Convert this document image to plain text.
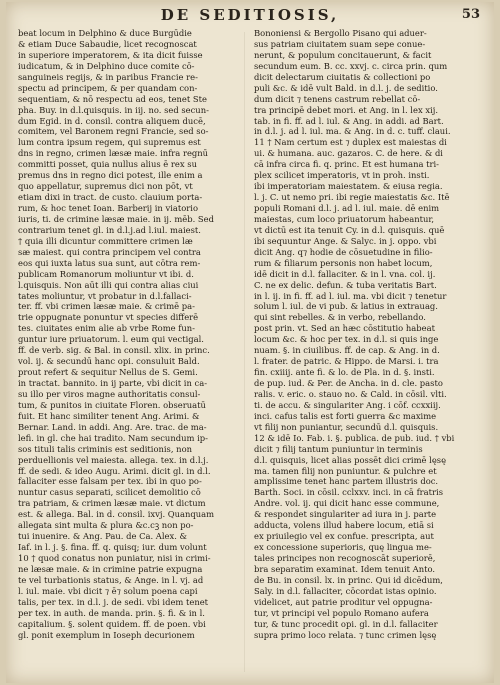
DE SEDITIOSIS,	53
beat locum in Delphino & duce Burgūdie
& etiam Duce Sabaudie, licet recognoscat
in superiore imperatorem, & ita dicit fuisse
iudicatum, & in Delphino duce comite cō-
sanguineis regijs, & in paribus Francie re-
spectu ad principem, & per quandam con-
sequentiam, & nō respectu ad eos, tenet Ste
pha. Buy. in d.l.quisquis. in iij. no. sed secun-
dum Egid. in d. consil. contra aliquem ducē,
comitem, vel Baronem regni Francie, sed so-
lum contra ipsum regem, qui supremus est
dns in regno, crimen læsæ maie. infra regnū
committi posset, quia nullus alius ē rex su
premus dns in regno dici potest, ille enim a
quo appellatur, supremus dici non pōt, vt
etiam dixi in tract. de custo. clauium porta-
rum, & hoc tenet Ioan. Barberij in viatorio
iuris, ti. de crimine læsæ maie. in ij. mēb. Sed
contrarium tenet gl. in d.l.j.ad l.iul. maiest.
† quia illi dicuntur committere crimen læ
sæ maiest. qui contra principem vel contra
eos qui iuxta latus sua sunt, aut cōtra rem-
publicam Romanorum moliuntur vt ibi. d.
l.quisquis. Non aūt illi qui contra alias ciui
tates moliuntur, vt probatur in d.l.fallaci-
ter. ff. vbi crimen læsæ maie. & crimē pa-
trie oppugnate ponuntur vt species differē
tes. ciuitates enim alie ab vrbe Rome fun-
guntur iure priuatorum. l. eum qui vectigal.
ff. de verb. sig. & Bal. in consil. xlix. in princ.
vol. ij. & secundū hanc opi. consuluit Bald.
prout refert & sequitur Nellus de S. Gemi.
in tractat. bannito. in ij parte, vbi dicit in ca-
su illo per viros magne authoritatis consul-
tum, & punitos in ciuitate Floren. obseruatū
fuit. Et hanc similiter tenent Ang. Arimi. &
Bernar. Land. in addi. Ang. Are. trac. de ma-
lefi. in gl. che hai tradito. Nam secundum ip-
sos tituli talis criminis est seditionis, non
perduellionis vel maiesta. allega. tex. in d.l.j.
ff. de sedi. & ideo Augu. Arimi. dicit gl. in d.l.
fallaciter esse falsam per tex. ibi in quo po-
nuntur casus separati, scilicet demolitio cō
tra patriam, & crimen læsæ maie. vt dictum
est. & allega. Bal. in d. consil. ixvj. Quanquam
allegata sint multa & plura &c.cꝫ non po-
tui inuenire. & Ang. Pau. de Ca. Alex. &
Iaf. in l. j. §. fina. ff. q. quisq; iur. dum volunt
10 † quod conatus non puniatur, nisi in crimi-
ne læsæ maie. & in crimine patrie expugna
te vel turbationis status, & Ange. in l. vj. ad
l. iul. maie. vbi dicit ⁊ ē⁊ solum poena capi
talis, per tex. in d.l. j. de sedi. vbi idem tenet
per tex. in auth. de manda. prin. §. fi. & in l.
capitalium. §. solent quidem. ff. de poen. vbi
gl. ponit exemplum in Ioseph decurionem
Bononiensi & Bergollo Pisano qui aduer-
sus patriam ciuitatem suam sepe conue-
nerunt, & populum concitauerunt, & facit
secundum eum. B. cc. xxvj. c. circa prin. qum
dicit delectarum ciuitatis & collectioni po
puli &c. & idē vult Bald. in d.l. j. de seditio.
dum dicit ⁊ tenens castrum rebellat cō-
tra principē debet mori. et Ang. in l. lex xij.
tab. in fi. ff. ad l. iul. & Ang. in addi. ad Bart.
in d.l. j. ad l. iul. ma. & Ang. in d. c. tuff. claui.
11 † Nam certum est ⁊ duplex est maiestas di
ui. & humana. auc. gazaros. C. de here. & di
cā infra circa fi. q. princ. Et est humana tri-
plex scilicet imperatoris, vt in proh. insti.
ibi imperatoriam maiestatem. & eiusa regia.
l. j. C. ut nemo pri. ibi regie maiestatis &c. Itē
populi Romani d.l. j. ad l. iul. maie. dē enim
maiestas, cum loco priuatorum habeantur,
vt dictū est ita tenuit Cy. in d.l. quisquis. quē
ibi sequuntur Ange. & Salyc. in j. oppo. vbi
dicit Ang. q⁊ hodie de cōsuetudine in filio-
rum & filiarum personis non habet locum,
idē dicit in d.l. fallaciter. & in l. vna. col. ij.
C. ne ex delic. defun. & tuba veritatis Bart.
in l. ij. in fi. ff. ad l. iul. ma. vbi dicit ⁊ tenetur
solum l. iul. de vi pub. & latius in extrauag.
qui sint rebelles. & in verbo, rebellando.
post prin. vt. Sed an hæc cōstitutio habeat
locum &c. & hoc per tex. in d.l. si quis inge
nuam. §. in ciuilibus. ff. de cap. & Ang. in d.
l. frater. de patric. & Hippo. de Marsi. i. tra
fin. cxiiij. ante fi. & lo. de Pla. in d. §. insti.
de pup. iud. & Per. de Ancha. in d. cle. pasto
ralis. v. eric. o. stauo no. & Cald. in cōsil. vlti.
ti. de accu. & singulariter Ang. i cōf. ccxxiij.
inci. cafus talis est forti guerra &c maxime
vt filij non puniantur, secundū d.l. quisquis.
12 & idē Io. Fab. i. §. publica. de pub. iud. † vbi
dicit ⁊ filij tantum puniuntur in terminis
d.l. quisquis, licet alias possēt dici crimē lęsę
ma. tamen filij non puniuntur. & pulchre et
amplissime tenet hanc partem illustris doc.
Barth. Soci. in cōsil. cclxxv. inci. in cā fratris
Andre. vol. ij. qui dicit hanc esse commune,
& respondet singulariter ad iura in j. parte
adducta, volens illud habere locum, etiā si
ex priuilegio vel ex confue. prescripta, aut
ex concessione superioris, quę lingua me-
tales principes non recognoscāt superiorē,
bra separatim examinat. Idem tenuit Anto.
de Bu. in consil. lx. in princ. Qui id dicēdum,
Saly. in d.l. fallaciter, cōcordat istas opinio.
videlicet, aut patrie proditur vel oppugna-
tur, vt principi vel populo Romano aufera
tur, & tunc procedit opi. gl. in d.l. fallaciter
supra primo loco relata. ⁊ tunc crimen lęsę
